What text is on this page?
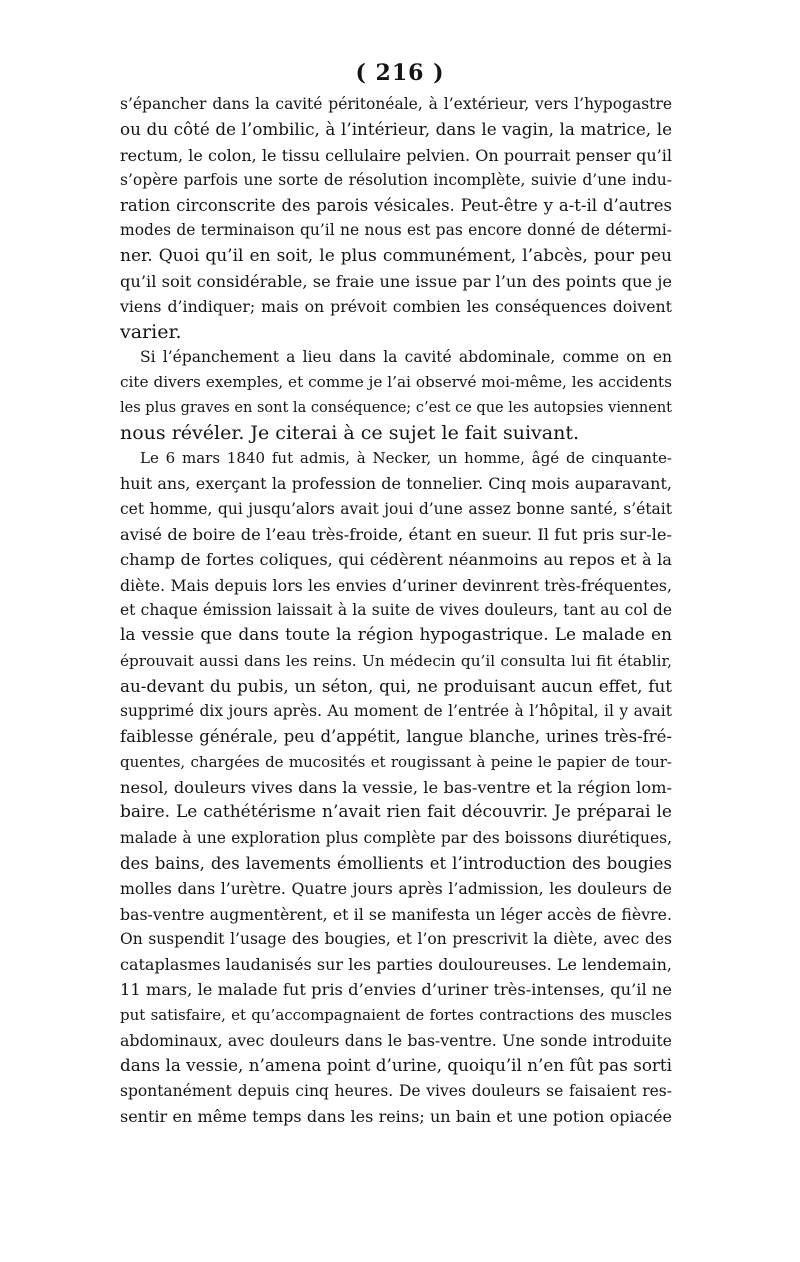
( 216 )
s’épancher dans la cavité péritonéale, à l’extérieur, vers l’hypogastre
ou du côté de l’ombilic, à l’intérieur, dans le vagin, la matrice, le
rectum, le colon, le tissu cellulaire pelvien. On pourrait penser qu’il
s’opère parfois une sorte de résolution incomplète, suivie d’une indu-
ration circonscrite des parois vésicales. Peut-être y a-t-il d’autres
modes de terminaison qu’il ne nous est pas encore donné de détermi-
ner. Quoi qu’il en soit, le plus communément, l’abcès, pour peu
qu’il soit considérable, se fraie une issue par l’un des points que je
viens d’indiquer; mais on prévoit combien les conséquences doivent
varier.
Si l’épanchement a lieu dans la cavité abdominale, comme on en
cite divers exemples, et comme je l’ai observé moi-même, les accidents
les plus graves en sont la conséquence; c’est ce que les autopsies viennent
nous révéler. Je citerai à ce sujet le fait suivant.
Le 6 mars 1840 fut admis, à Necker, un homme, âgé de cinquante-
huit ans, exerçant la profession de tonnelier. Cinq mois auparavant,
cet homme, qui jusqu’alors avait joui d’une assez bonne santé, s’était
avisé de boire de l’eau très-froide, étant en sueur. Il fut pris sur-le-
champ de fortes coliques, qui cédèrent néanmoins au repos et à la
diète. Mais depuis lors les envies d’uriner devinrent très-fréquentes,
et chaque émission laissait à la suite de vives douleurs, tant au col de
la vessie que dans toute la région hypogastrique. Le malade en
éprouvait aussi dans les reins. Un médecin qu’il consulta lui fit établir,
au-devant du pubis, un séton, qui, ne produisant aucun effet, fut
supprimé dix jours après. Au moment de l’entrée à l’hôpital, il y avait
faiblesse générale, peu d’appétit, langue blanche, urines très-fré-
quentes, chargées de mucosités et rougissant à peine le papier de tour-
nesol, douleurs vives dans la vessie, le bas-ventre et la région lom-
baire. Le cathétérisme n’avait rien fait découvrir. Je préparai le
malade à une exploration plus complète par des boissons diurétiques,
des bains, des lavements émollients et l’introduction des bougies
molles dans l’urètre. Quatre jours après l’admission, les douleurs de
bas-ventre augmentèrent, et il se manifesta un léger accès de fièvre.
On suspendit l’usage des bougies, et l’on prescrivit la diète, avec des
cataplasmes laudanisés sur les parties douloureuses. Le lendemain,
11 mars, le malade fut pris d’envies d’uriner très-intenses, qu’il ne
put satisfaire, et qu’accompagnaient de fortes contractions des muscles
abdominaux, avec douleurs dans le bas-ventre. Une sonde introduite
dans la vessie, n’amena point d’urine, quoiqu’il n’en fût pas sorti
spontanément depuis cinq heures. De vives douleurs se faisaient res-
sentir en même temps dans les reins; un bain et une potion opiacée
